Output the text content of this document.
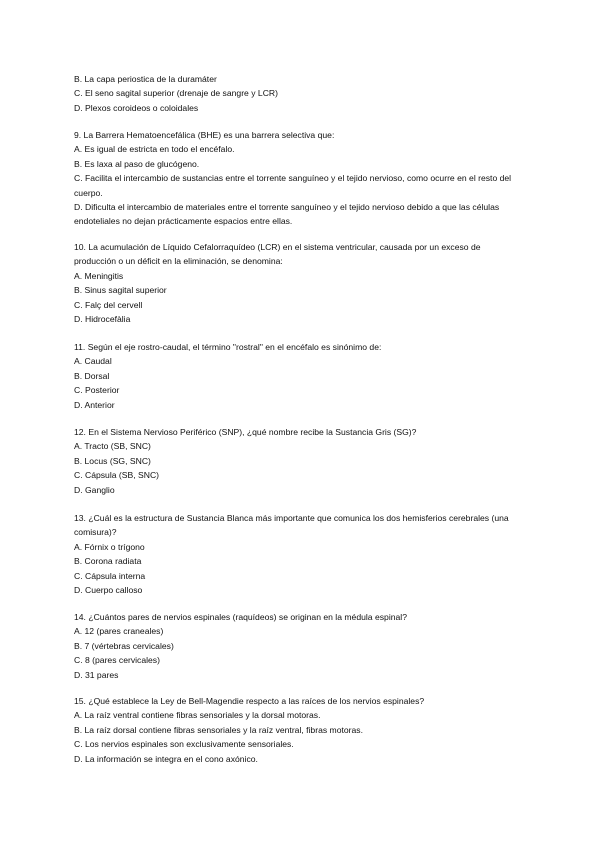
B. La capa periostica de la duramáter
C. El seno sagital superior (drenaje de sangre y LCR)
D. Plexos coroideos o coloidales
9. La Barrera Hematoencefálica (BHE) es una barrera selectiva que:
A. Es igual de estricta en todo el encéfalo.
B. Es laxa al paso de glucógeno.
C. Facilita el intercambio de sustancias entre el torrente sanguíneo y el tejido nervioso, como ocurre en el resto del cuerpo.
D. Dificulta el intercambio de materiales entre el torrente sanguíneo y el tejido nervioso debido a que las células endoteliales no dejan prácticamente espacios entre ellas.
10. La acumulación de Líquido Cefalorraquídeo (LCR) en el sistema ventricular, causada por un exceso de producción o un déficit en la eliminación, se denomina:
A. Meningitis
B. Sinus sagital superior
C. Falç del cervell
D. Hidrocefàlia
11. Según el eje rostro-caudal, el término "rostral" en el encéfalo es sinónimo de:
A. Caudal
B. Dorsal
C. Posterior
D. Anterior
12. En el Sistema Nervioso Periférico (SNP), ¿qué nombre recibe la Sustancia Gris (SG)?
A. Tracto (SB, SNC)
B. Locus (SG, SNC)
C. Cápsula (SB, SNC)
D. Ganglio
13. ¿Cuál es la estructura de Sustancia Blanca más importante que comunica los dos hemisferios cerebrales (una comisura)?
A. Fórnix o trígono
B. Corona radiata
C. Cápsula interna
D. Cuerpo calloso
14. ¿Cuántos pares de nervios espinales (raquídeos) se originan en la médula espinal?
A. 12 (pares craneales)
B. 7 (vértebras cervicales)
C. 8 (pares cervicales)
D. 31 pares
15. ¿Qué establece la Ley de Bell-Magendie respecto a las raíces de los nervios espinales?
A. La raíz ventral contiene fibras sensoriales y la dorsal motoras.
B. La raíz dorsal contiene fibras sensoriales y la raíz ventral, fibras motoras.
C. Los nervios espinales son exclusivamente sensoriales.
D. La información se integra en el cono axónico.
